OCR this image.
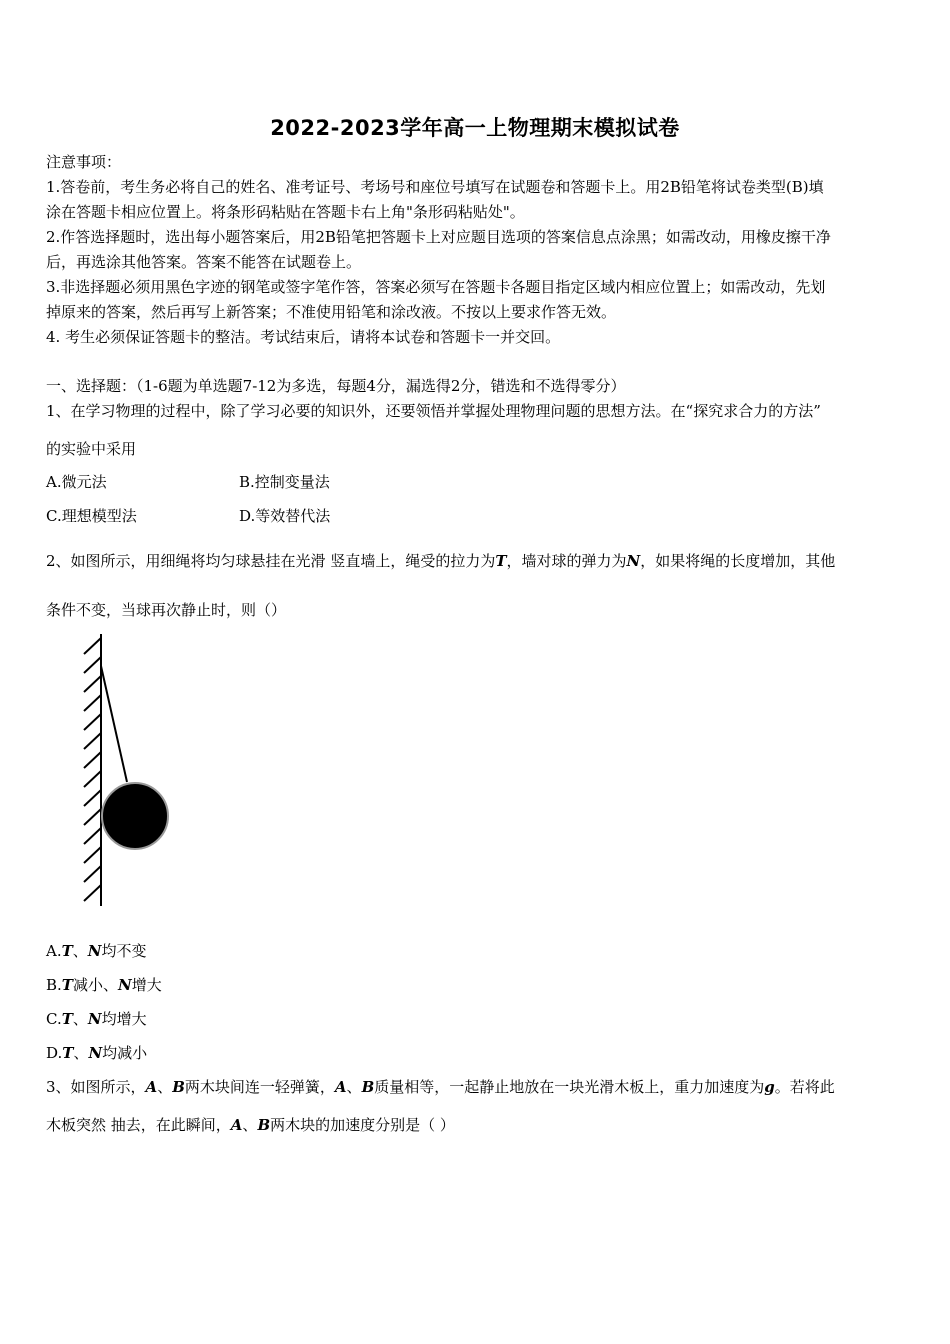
2022-2023学年高一上物理期末模拟试卷
注意事项：
1.答卷前，考生务必将自己的姓名、准考证号、考场号和座位号填写在试题卷和答题卡上。用2B铅笔将试卷类型(B)填
涂在答题卡相应位置上。将条形码粘贴在答题卡右上角"条形码粘贴处"。
2.作答选择题时，选出每小题答案后，用2B铅笔把答题卡上对应题目选项的答案信息点涂黑；如需改动，用橡皮擦干净
后，再选涂其他答案。答案不能答在试题卷上。
3.非选择题必须用黑色字迹的钢笔或签字笔作答，答案必须写在答题卡各题目指定区域内相应位置上；如需改动，先划
掉原来的答案，然后再写上新答案；不准使用铅笔和涂改液。不按以上要求作答无效。
4. 考生必须保证答题卡的整洁。考试结束后，请将本试卷和答题卡一并交回。
一、选择题：（1-6题为单选题7-12为多选，每题4分，漏选得2分，错选和不选得零分）
1、在学习物理的过程中，除了学习必要的知识外，还要领悟并掌握处理物理问题的思想方法。在“探究求合力的方法”
的实验中采用
A.微元法	B.控制变量法
C.理想模型法	D.等效替代法
2、如图所示，用细绳将均匀球悬挂在光滑 竖直墙上，绳受的拉力为T，墙对球的弹力为N，如果将绳的长度增加，其他
条件不变，当球再次静止时，则（）
A.T、N均不变
B.T减小、N增大
C.T、N均增大
D.T、N均减小
3、如图所示，A、B两木块间连一轻弹簧，A、B质量相等，一起静止地放在一块光滑木板上，重力加速度为g。若将此
木板突然 抽去，在此瞬间，A、B两木块的加速度分别是（ ）
